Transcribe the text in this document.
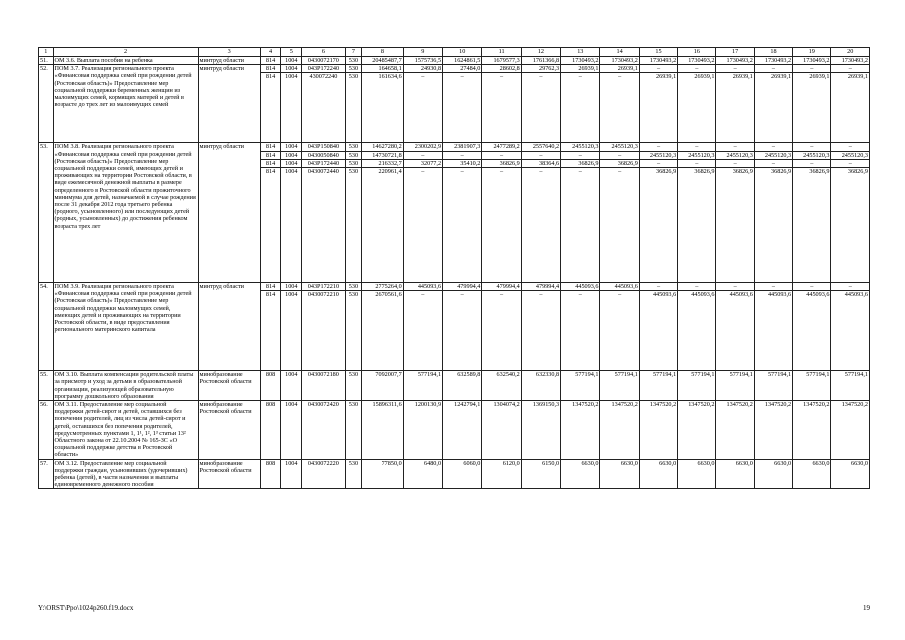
1	2	3	4	5	6	7	8	9	10	11	12	13	14	15	16	17	18	19	20
51.	ОМ 3.6. Выплата пособия на ребенка	минтруд области	814	1004	0430072170	530	20485487,7	1575736,5	1624861,5	1679577,3	1761366,8	1730493,2	1730493,2	1730493,2	1730493,2	1730493,2	1730493,2	1730493,2	1730493,2
52.	ПОМ 3.7. Реализация регионального проекта «Финансовая поддержка семей при рождении детей (Ростовская область)» Предоставление мер социальной поддержки беременных женщин из малоимущих семей, кормящих матерей и детей в возрасте до трех лет из малоимущих семей	минтруд области	814	1004	043P172240	530	164658,1	24930,8	27484,0	28602,8	29762,3	26939,1	26939,1	–	–	–	–	–	–
			814	1004	430072240	530	161634,6	–	–	–	–	–	–	26939,1	26939,1	26939,1	26939,1	26939,1	26939,1
53.	ПОМ 3.8. Реализация регионального проекта «Финансовая поддержка семей при рождении детей (Ростовская область)» Предоставление мер социальной поддержки семей, имеющих детей и проживающих на территории Ростовской области, в виде ежемесячной денежной выплаты в размере определенного в Ростовской области прожиточного минимума для детей, назначаемой в случае рождения после 31 декабря 2012 года третьего ребенка (родного, усыновленного) или последующих детей (родных, усыновленных) до достижения ребенком возраста трех лет	минтруд области	814	1004	043P150840	530	14627280,2	2300202,9	2381907,3	2477289,2	2557640,2	2455120,3	2455120,3	–	–	–	–	–	–
			814	1004	0430050840	530	14730721,8	–	–	–	–	–	–	2455120,3	2455120,3	2455120,3	2455120,3	2455120,3	2455120,3
			814	1004	043P172440	530	216332,7	32077,2	35410,2	36826,9	38364,6	36826,9	36826,9	–	–	–	–	–	–
			814	1004	0430072440	530	220961,4	–	–	–	–	–	–	36826,9	36826,9	36826,9	36826,9	36826,9	36826,9
54.	ПОМ 3.9. Реализация регионального проекта «Финансовая поддержка семей при рождении детей (Ростовская область)» Предоставление мер социальной поддержки малоимущих семей, имеющих детей и проживающих на территории Ростовской области, в виде предоставления регионального материнского капитала	минтруд области	814	1004	043P172210	530	2775264,0	445093,6	479994,4	479994,4	479994,4	445093,6	445093,6	–	–	–	–	–	–
			814	1004	0430072210	530	2670561,6	–	–	–	–	–	–	445093,6	445093,6	445093,6	445093,6	445093,6	445093,6
55.	ОМ 3.10. Выплата компенсации родительской платы за присмотр и уход за детьми в образовательной организации, реализующей образовательную программу дошкольного образования	минобразование Ростовской области	808	1004	0430072180	530	7092007,7	577194,1	632589,8	632540,2	632330,8	577194,1	577194,1	577194,1	577194,1	577194,1	577194,1	577194,1	577194,1
56.	ОМ 3.11. Предоставление мер социальной поддержки детей-сирот и детей, оставшихся без попечения родителей, лиц из числа детей-сирот и детей, оставшихся без попечения родителей, предусмотренных пунктами 1, 1¹, 1², 1³ статьи 13² Областного закона от 22.10.2004 № 165-ЗС «О социальной поддержке детства в Ростовской области»	минобразование Ростовской области	808	1004	0430072420	530	15896311,6	1200130,9	1242794,1	1304074,2	1369150,3	1347520,2	1347520,2	1347520,2	1347520,2	1347520,2	1347520,2	1347520,2	1347520,2
57.	ОМ 3.12. Предоставление мер социальной поддержки граждан, усыновивших (удочеривших) ребенка (детей), в части назначения и выплаты единовременного денежного пособия	минобразование Ростовской области	808	1004	0430072220	530	77850,0	6480,0	6060,0	6120,0	6150,0	6630,0	6630,0	6630,0	6630,0	6630,0	6630,0	6630,0	6630,0
Y:\ORST\Ppo\1024p260.f19.docx	19
